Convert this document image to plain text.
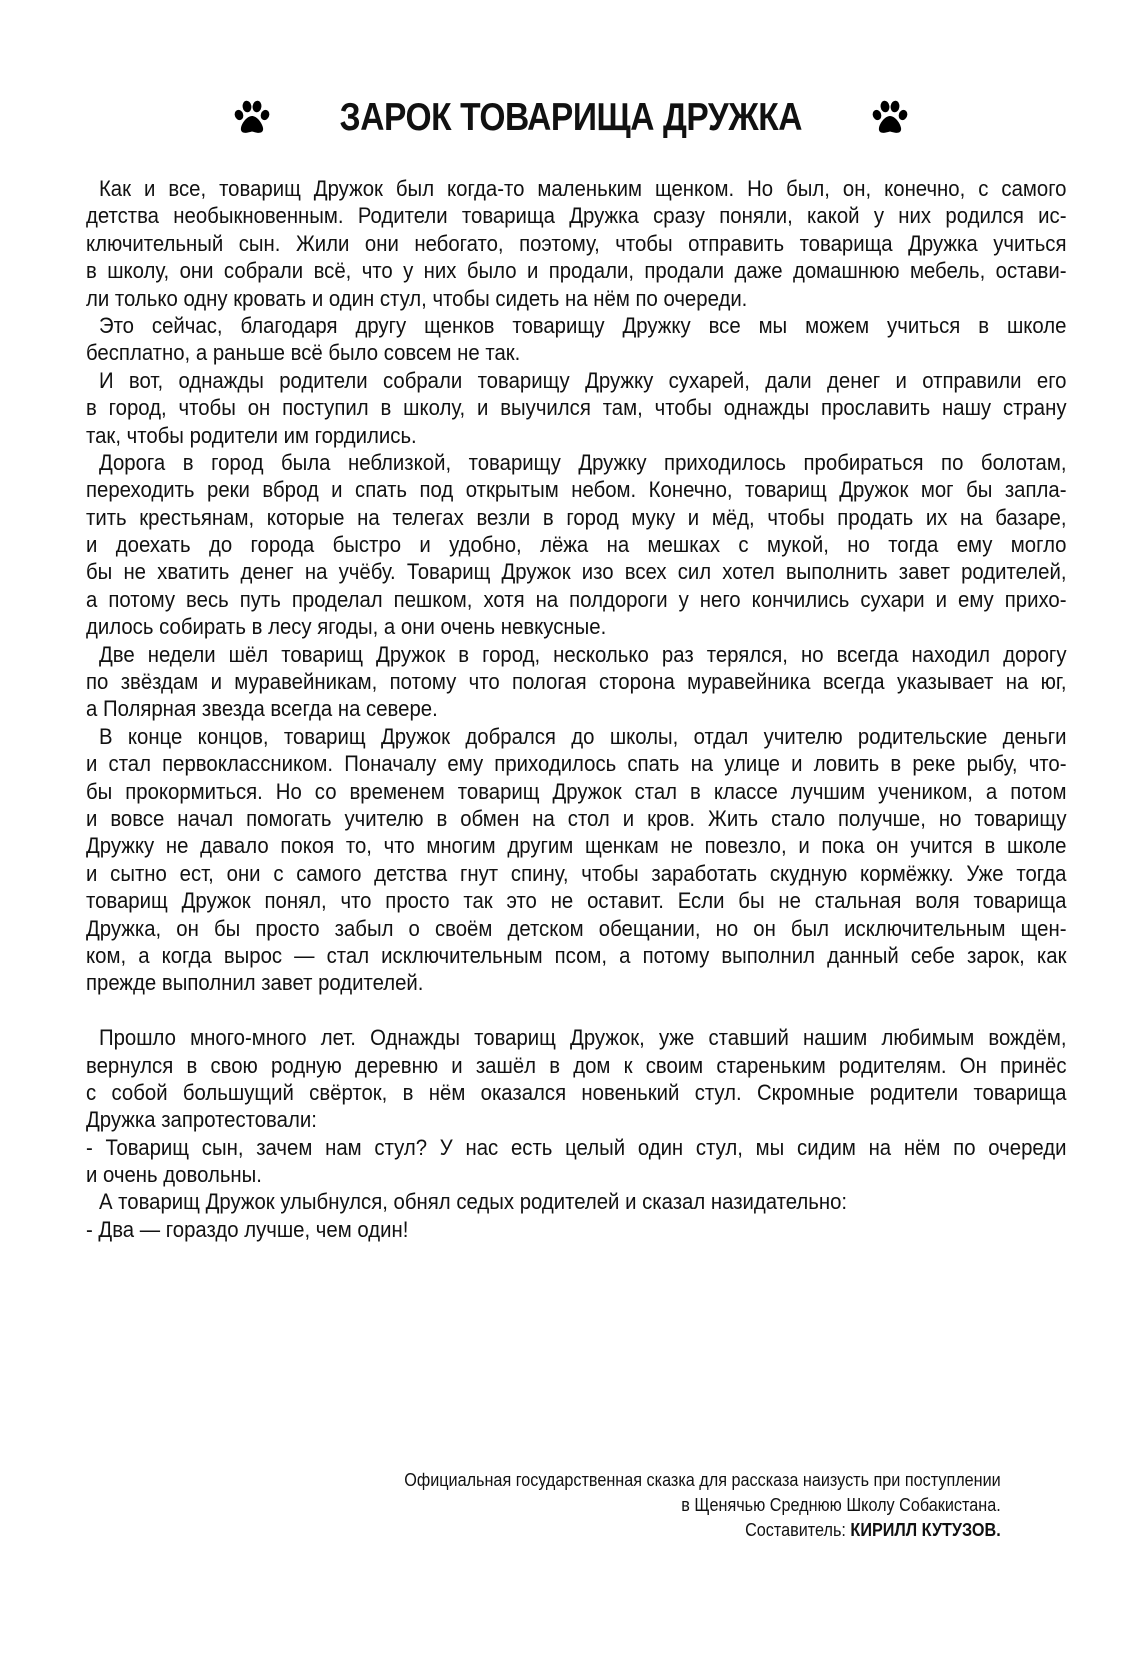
ЗАРОК ТОВАРИЩА ДРУЖКА
Как и все, товарищ Дружок был когда-то маленьким щенком. Но был, он, конечно, с самого
детства необыкновенным. Родители товарища Дружка сразу поняли, какой у них родился ис-
ключительный сын. Жили они небогато, поэтому, чтобы отправить товарища Дружка учиться
в школу, они собрали всё, что у них было и продали, продали даже домашнюю мебель, остави-
ли только одну кровать и один стул, чтобы сидеть на нём по очереди.
Это сейчас, благодаря другу щенков товарищу Дружку все мы можем учиться в школе
бесплатно, а раньше всё было совсем не так.
И вот, однажды родители собрали товарищу Дружку сухарей, дали денег и отправили его
в город, чтобы он поступил в школу, и выучился там, чтобы однажды прославить нашу страну
так, чтобы родители им гордились.
Дорога в город была неблизкой, товарищу Дружку приходилось пробираться по болотам,
переходить реки вброд и спать под открытым небом. Конечно, товарищ Дружок мог бы запла-
тить крестьянам, которые на телегах везли в город муку и мёд, чтобы продать их на базаре,
и доехать до города быстро и удобно, лёжа на мешках с мукой, но тогда ему могло
бы не хватить денег на учёбу. Товарищ Дружок изо всех сил хотел выполнить завет родителей,
а потому весь путь проделал пешком, хотя на полдороги у него кончились сухари и ему прихо-
дилось собирать в лесу ягоды, а они очень невкусные.
Две недели шёл товарищ Дружок в город, несколько раз терялся, но всегда находил дорогу
по звёздам и муравейникам, потому что пологая сторона муравейника всегда указывает на юг,
а Полярная звезда всегда на севере.
В конце концов, товарищ Дружок добрался до школы, отдал учителю родительские деньги
и стал первоклассником. Поначалу ему приходилось спать на улице и ловить в реке рыбу, что-
бы прокормиться. Но со временем товарищ Дружок стал в классе лучшим учеником, а потом
и вовсе начал помогать учителю в обмен на стол и кров. Жить стало получше, но товарищу
Дружку не давало покоя то, что многим другим щенкам не повезло, и пока он учится в школе
и сытно ест, они с самого детства гнут спину, чтобы заработать скудную кормёжку. Уже тогда
товарищ Дружок понял, что просто так это не оставит. Если бы не стальная воля товарища
Дружка, он бы просто забыл о своём детском обещании, но он был исключительным щен-
ком, а когда вырос — стал исключительным псом, а потому выполнил данный себе зарок, как
прежде выполнил завет родителей.
Прошло много-много лет. Однажды товарищ Дружок, уже ставший нашим любимым вождём,
вернулся в свою родную деревню и зашёл в дом к своим стареньким родителям. Он принёс
с собой большущий свёрток, в нём оказался новенький стул. Скромные родители товарища
Дружка запротестовали:
- Товарищ сын, зачем нам стул? У нас есть целый один стул, мы сидим на нём по очереди
и очень довольны.
А товарищ Дружок улыбнулся, обнял седых родителей и сказал назидательно:
- Два — гораздо лучше, чем один!
Официальная государственная сказка для рассказа наизусть при поступлении
в Щенячью Среднюю Школу Собакистана.
Составитель: КИРИЛЛ КУТУЗОВ.
